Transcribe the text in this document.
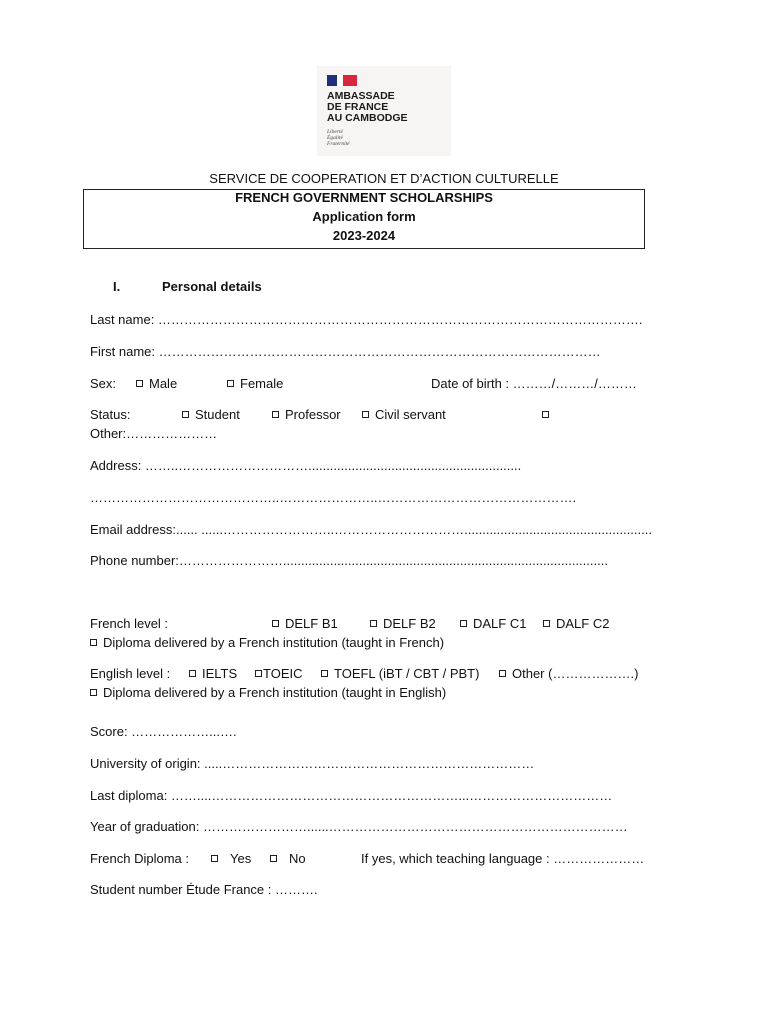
AMBASSADE
DE FRANCE
AU CAMBODGE
Liberté
Égalité
Fraternité
SERVICE DE COOPERATION ET D’ACTION CULTURELLE
FRENCH GOVERNMENT SCHOLARSHIPS
Application form
2023-2024
I.	Personal details
Last name: ………………………………………………………………………………………………….
First name: …………………………………………………………………………………………
Sex:	Male	Female	Date of birth : ………/………/………
Status:	Student	Professor	Civil servant
Other:…………………
Address: ……..…………………………...........................................................
……………………………………..…………………..……………………………………….
Email address:...... ......……………………..…………………………....................................................
Phone number:……………………..........................................................................................
French level :	DELF B1	DELF B2	DALF C1	DALF C2
Diploma delivered by a French institution (taught in French)
English level :	IELTS	TOEIC	TOEFL (iBT / CBT / PBT)	Other (……………….)
Diploma delivered by a French institution (taught in English)
Score: ………………...….
University of origin: .....………………………………………………………………
Last diploma: ……....…………………………………………………...……………………………
Year of graduation: ……………………......……………………………………………………………
French Diploma :	Yes	No	If yes, which teaching language : …………………
Student number Étude France : ……….
